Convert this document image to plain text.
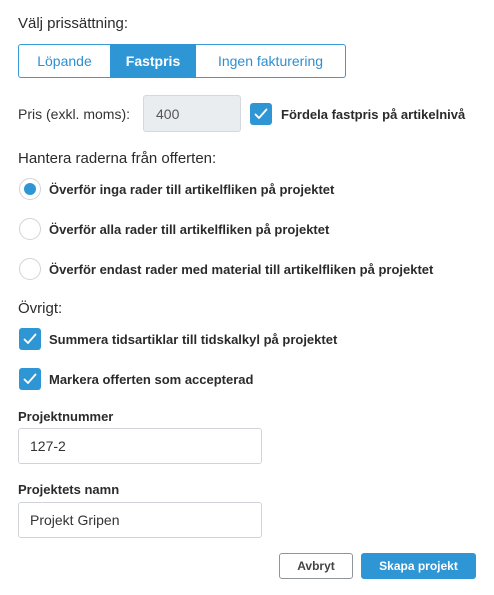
Välj prissättning:
Löpande	Fastpris	Ingen fakturering
Pris (exkl. moms):	400	Fördela fastpris på artikelnivå
Hantera raderna från offerten:
Överför inga rader till artikelfliken på projektet
Överför alla rader till artikelfliken på projektet
Överför endast rader med material till artikelfliken på projektet
Övrigt:
Summera tidsartiklar till tidskalkyl på projektet
Markera offerten som accepterad
Projektnummer
127-2
Projektets namn
Projekt Gripen
Avbryt	Skapa projekt
